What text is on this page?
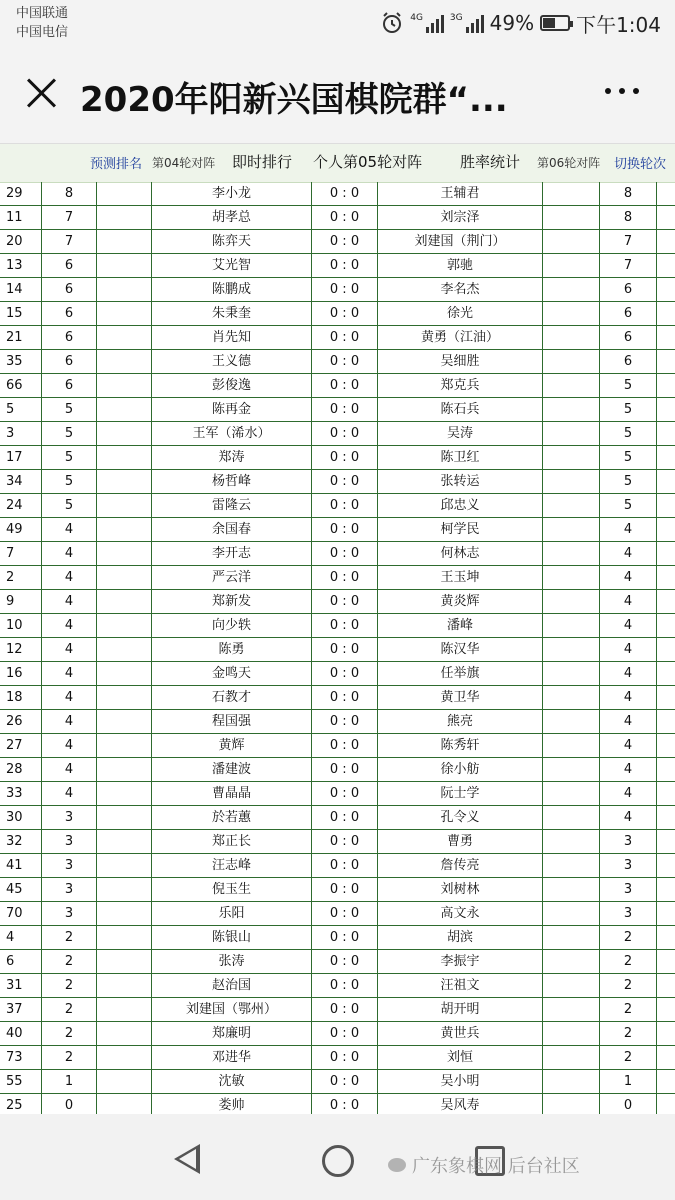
中国联通
中国电信
4G	3G 49% 下午1:04
2020年阳新兴国棋院群“...
预测排名 第04轮对阵 即时排行 个人第05轮对阵	胜率统计 第06轮对阵 切换轮次
29	8	李小龙	0 : 0	王辅君	8
11	7	胡孝总	0 : 0	刘宗泽	8
20	7	陈弈天	0 : 0	刘建国（荆门）	7
13	6	艾光智	0 : 0	郭驰	7
14	6	陈鹏成	0 : 0	李名杰	6
15	6	朱秉奎	0 : 0	徐光	6
21	6	肖先知	0 : 0	黄勇（江油）	6
35	6	王义德	0 : 0	吴细胜	6
66	6	彭俊逸	0 : 0	郑克兵	5
5	5	陈再金	0 : 0	陈石兵	5
3	5	王军（浠水）	0 : 0	吴涛	5
17	5	郑涛	0 : 0	陈卫红	5
34	5	杨哲峰	0 : 0	张转运	5
24	5	雷隆云	0 : 0	邱忠义	5
49	4	余国春	0 : 0	柯学民	4
7	4	李开志	0 : 0	何林志	4
2	4	严云洋	0 : 0	王玉坤	4
9	4	郑新发	0 : 0	黄炎辉	4
10	4	向少轶	0 : 0	潘峰	4
12	4	陈勇	0 : 0	陈汉华	4
16	4	金鸣天	0 : 0	任举旗	4
18	4	石教才	0 : 0	黄卫华	4
26	4	程国强	0 : 0	熊亮	4
27	4	黄辉	0 : 0	陈秀轩	4
28	4	潘建波	0 : 0	徐小舫	4
33	4	曹晶晶	0 : 0	阮士学	4
30	3	於若蕙	0 : 0	孔令义	4
32	3	郑正长	0 : 0	曹勇	3
41	3	汪志峰	0 : 0	詹传亮	3
45	3	倪玉生	0 : 0	刘树林	3
70	3	乐阳	0 : 0	高文永	3
4	2	陈银山	0 : 0	胡滨	2
6	2	张涛	0 : 0	李振宇	2
31	2	赵治国	0 : 0	汪祖文	2
37	2	刘建国（鄂州）	0 : 0	胡开明	2
40	2	郑廉明	0 : 0	黄世兵	2
73	2	邓进华	0 : 0	刘恒	2
55	1	沈敏	0 : 0	吴小明	1
25	0	娄帅	0 : 0	吴风寿	0
广东象棋网 后台社区
